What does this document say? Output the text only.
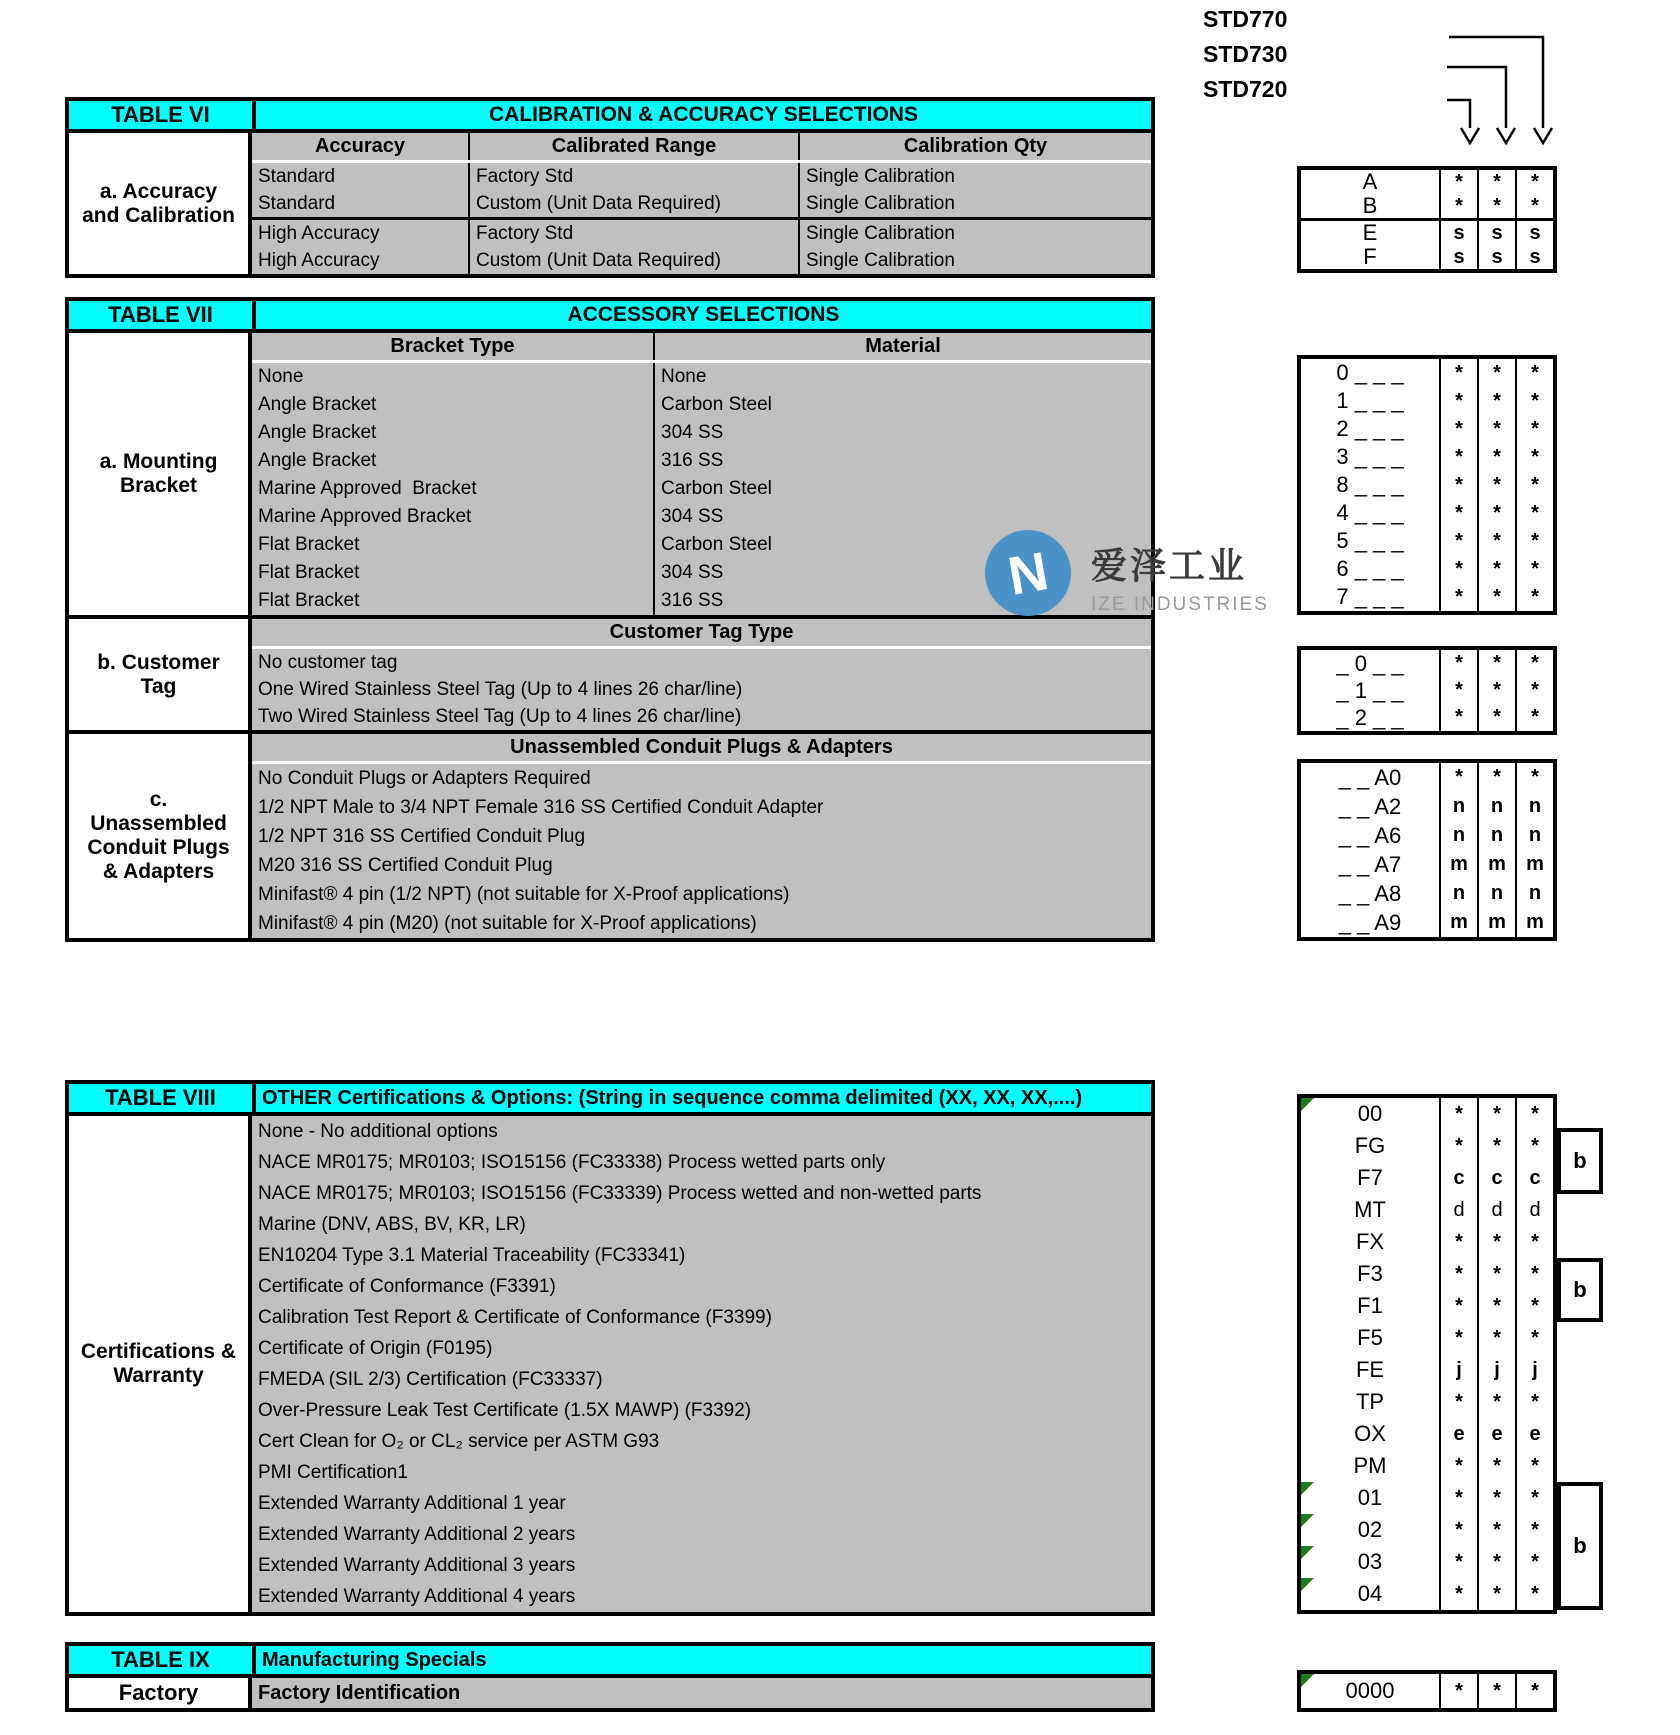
STD770
STD730
STD720
TABLE VI	CALIBRATION & ACCURACY SELECTIONS
a. Accuracy and Calibration
Accuracy	Calibrated Range	Calibration Qty
Standard	Factory Std	Single Calibration
Standard	Custom (Unit Data Required)	Single Calibration
High Accuracy	Factory Std	Single Calibration
High Accuracy	Custom (Unit Data Required)	Single Calibration
A	*	*	*
B	*	*	*
E	s	s	s
F	s	s	s
TABLE VII	ACCESSORY SELECTIONS
a. Mounting Bracket
Bracket Type	Material
None	None
Angle Bracket	Carbon Steel
Angle Bracket	304 SS
Angle Bracket	316 SS
Marine Approved  Bracket	Carbon Steel
Marine Approved Bracket	304 SS
Flat Bracket	Carbon Steel
Flat Bracket	304 SS
Flat Bracket	316 SS
b. Customer Tag
Customer Tag Type
No customer tag
One Wired Stainless Steel Tag (Up to 4 lines 26 char/line)
Two Wired Stainless Steel Tag (Up to 4 lines 26 char/line)
c. Unassembled Conduit Plugs & Adapters
Unassembled Conduit Plugs & Adapters
No Conduit Plugs or Adapters Required
1/2 NPT Male to 3/4 NPT Female 316 SS Certified Conduit Adapter
1/2 NPT 316 SS Certified Conduit Plug
M20 316 SS Certified Conduit Plug
Minifast® 4 pin (1/2 NPT) (not suitable for X-Proof applications)
Minifast® 4 pin (M20) (not suitable for X-Proof applications)
0 _ _ _	*	*	*
1 _ _ _	*	*	*
2 _ _ _	*	*	*
3 _ _ _	*	*	*
8 _ _ _	*	*	*
4 _ _ _	*	*	*
5 _ _ _	*	*	*
6 _ _ _	*	*	*
7 _ _ _	*	*	*
_ 0 _ _	*	*	*
_ 1 _ _	*	*	*
_ 2 _ _	*	*	*
_ _ A0	*	*	*
_ _ A2	n	n	n
_ _ A6	n	n	n
_ _ A7	m	m	m
_ _ A8	n	n	n
_ _ A9	m	m	m
TABLE VIII	OTHER Certifications & Options: (String in sequence comma delimited (XX, XX, XX,....)
Certifications & Warranty
None - No additional options
NACE MR0175; MR0103; ISO15156 (FC33338) Process wetted parts only
NACE MR0175; MR0103; ISO15156 (FC33339) Process wetted and non-wetted parts
Marine (DNV, ABS, BV, KR, LR)
EN10204 Type 3.1 Material Traceability (FC33341)
Certificate of Conformance (F3391)
Calibration Test Report & Certificate of Conformance (F3399)
Certificate of Origin (F0195)
FMEDA (SIL 2/3) Certification (FC33337)
Over-Pressure Leak Test Certificate (1.5X MAWP) (F3392)
Cert Clean for O₂ or CL₂ service per ASTM G93
PMI Certification1
Extended Warranty Additional 1 year
Extended Warranty Additional 2 years
Extended Warranty Additional 3 years
Extended Warranty Additional 4 years
00	*	*	*
FG	*	*	*
F7	c	c	c
MT	d	d	d
FX	*	*	*
F3	*	*	*
F1	*	*	*
F5	*	*	*
FE	j	j	j
TP	*	*	*
OX	e	e	e
PM	*	*	*
01	*	*	*
02	*	*	*
03	*	*	*
04	*	*	*
b
b
b
TABLE IX	Manufacturing Specials
Factory	Factory Identification	0000	*	*	*
N 爱泽工业
IZE INDUSTRIES
